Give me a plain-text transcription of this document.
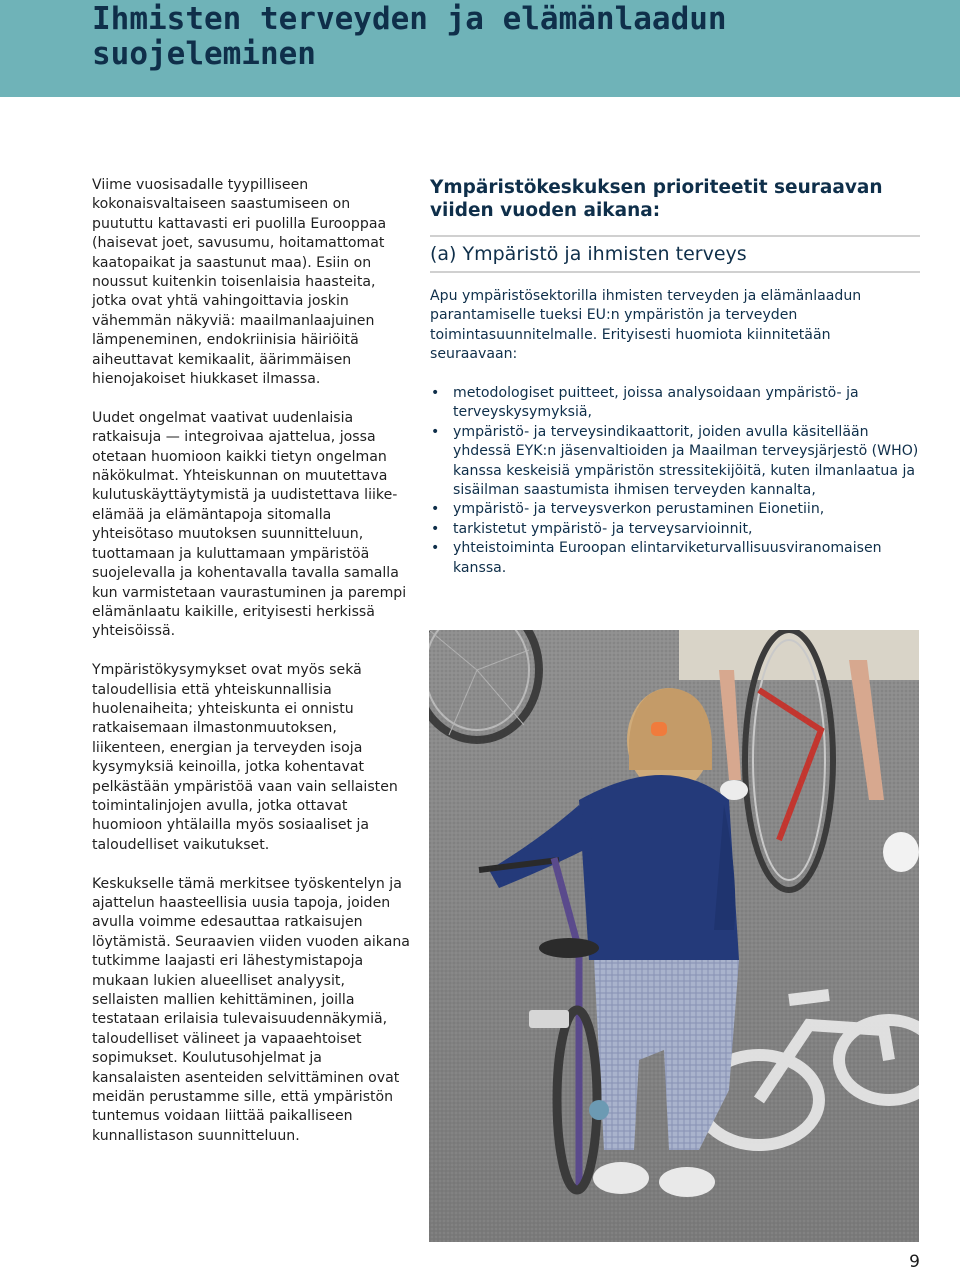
Ihmisten terveyden ja elämänlaadun suojeleminen

Viime vuosisadalle tyypilliseen kokonaisvaltaiseen saastumiseen on puututtu kattavasti eri puolilla Eurooppaa (haisevat joet, savusumu, hoitamattomat kaatopaikat ja saastunut maa). Esiin on noussut kuitenkin toisenlaisia haasteita, jotka ovat yhtä vahingoittavia joskin vähemmän näkyviä: maailmanlaajuinen lämpeneminen, endokriinisia häiriöitä aiheuttavat kemikaalit, äärimmäisen hienojakoiset hiukkaset ilmassa.

Uudet ongelmat vaativat uudenlaisia ratkaisuja — integroivaa ajattelua, jossa otetaan huomioon kaikki tietyn ongelman näkökulmat. Yhteiskunnan on muutettava kulutuskäyttäytymistä ja uudistettava liike-elämää ja elämäntapoja sitomalla yhteisötaso muutoksen suunnitteluun, tuottamaan ja kuluttamaan ympäristöä suojelevalla ja kohentavalla tavalla samalla kun varmistetaan vaurastuminen ja parempi elämänlaatu kaikille, erityisesti herkissä yhteisöissä.

Ympäristökysymykset ovat myös sekä taloudellisia että yhteiskunnallisia huolenaiheita; yhteiskunta ei onnistu ratkaisemaan ilmastonmuutoksen, liikenteen, energian ja terveyden isoja kysymyksiä keinoilla, jotka kohentavat pelkästään ympäristöä vaan vain sellaisten toimintalinjojen avulla, jotka ottavat huomioon yhtälailla myös sosiaaliset ja taloudelliset vaikutukset.

Keskukselle tämä merkitsee työskentelyn ja ajattelun haasteellisia uusia tapoja, joiden avulla voimme edesauttaa ratkaisujen löytämistä. Seuraavien viiden vuoden aikana tutkimme laajasti eri lähestymistapoja mukaan lukien alueelliset analyysit, sellaisten mallien kehittäminen, joilla testataan erilaisia tulevaisuudennäkymiä, taloudelliset välineet ja vapaaehtoiset sopimukset. Koulutusohjelmat ja kansalaisten asenteiden selvittäminen ovat meidän perustamme sille, että ympäristön tuntemus voidaan liittää paikalliseen kunnallistason suunnitteluun.

Ympäristökeskuksen prioriteetit seuraavan viiden vuoden aikana:
(a) Ympäristö ja ihmisten terveys

Apu ympäristösektorilla ihmisten terveyden ja elämänlaadun parantamiselle tueksi EU:n ympäristön ja terveyden toimintasuunnitelmalle. Erityisesti huomiota kiinnitetään seuraavaan:

• metodologiset puitteet, joissa analysoidaan ympäristö- ja terveyskysymyksiä,
• ympäristö- ja terveysindikaattorit, joiden avulla käsitellään yhdessä EYK:n jäsenvaltioiden ja Maailman terveysjärjestö (WHO) kanssa keskeisiä ympäristön stressitekijöitä, kuten ilmanlaatua ja sisäilman saastumista ihmisen terveyden kannalta,
• ympäristö- ja terveysverkon perustaminen Eionetiin,
• tarkistetut ympäristö- ja terveysarvioinnit,
• yhteistoiminta Euroopan elintarviketurvallisuusviranomaisen kanssa.
9
